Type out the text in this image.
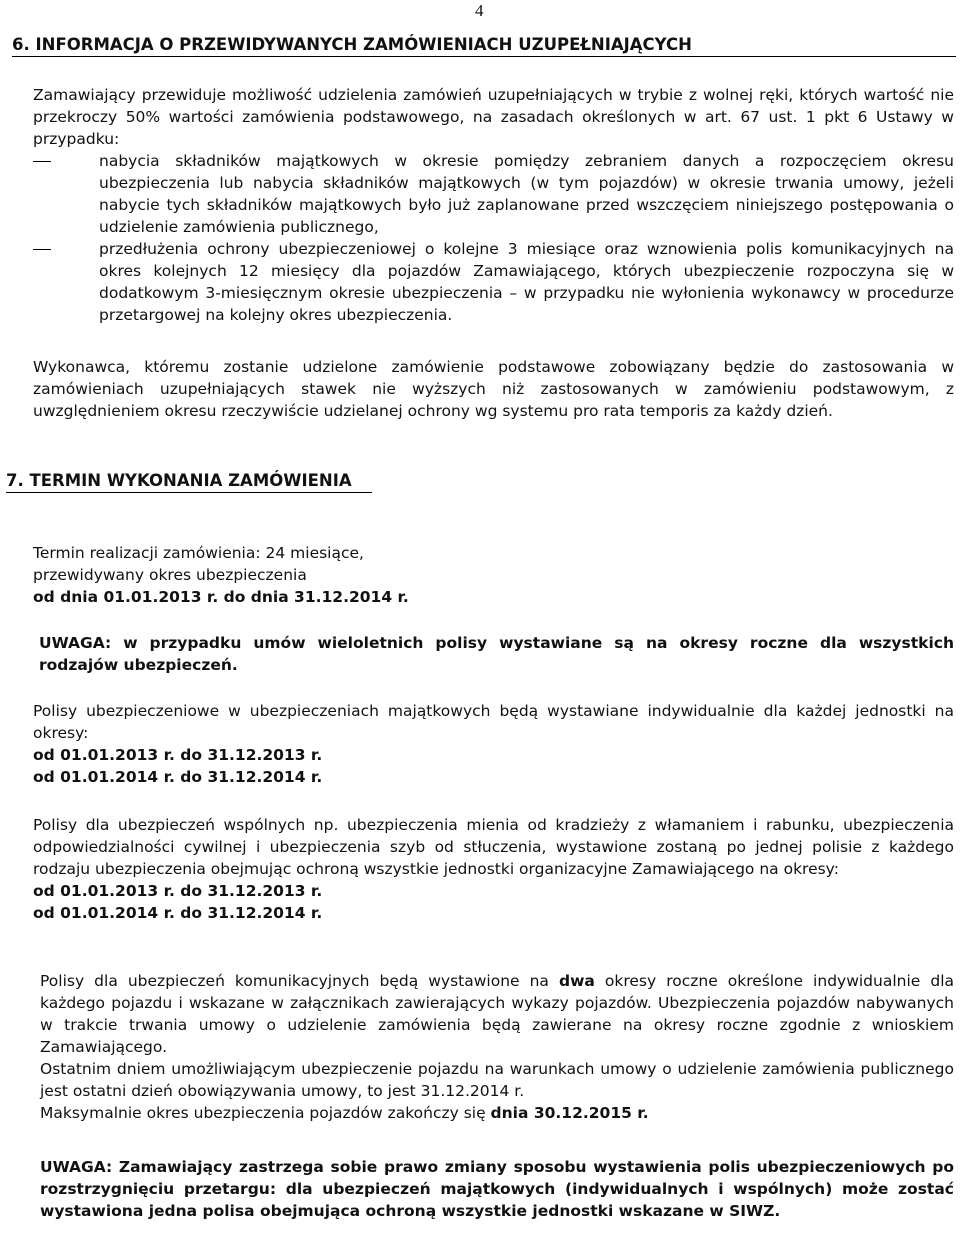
4
6. INFORMACJA O PRZEWIDYWANYCH ZAMÓWIENIACH UZUPEŁNIAJĄCYCH
Zamawiający przewiduje możliwość udzielenia zamówień uzupełniających w trybie z wolnej ręki, których wartość nie przekroczy 50% wartości zamówienia podstawowego, na zasadach określonych w art. 67 ust. 1 pkt 6 Ustawy w przypadku:
nabycia składników majątkowych w okresie pomiędzy zebraniem danych a rozpoczęciem okresu ubezpieczenia lub nabycia składników majątkowych (w tym pojazdów) w okresie trwania umowy, jeżeli nabycie tych składników majątkowych było już zaplanowane przed wszczęciem niniejszego postępowania o udzielenie zamówienia publicznego,
przedłużenia ochrony ubezpieczeniowej o kolejne 3 miesiące oraz wznowienia polis komunikacyjnych na okres kolejnych 12 miesięcy dla pojazdów Zamawiającego, których ubezpieczenie rozpoczyna się w dodatkowym 3-miesięcznym okresie ubezpieczenia – w przypadku nie wyłonienia wykonawcy w procedurze przetargowej na kolejny okres ubezpieczenia.
Wykonawca, któremu zostanie udzielone zamówienie podstawowe zobowiązany będzie do zastosowania w zamówieniach uzupełniających stawek nie wyższych niż zastosowanych w zamówieniu podstawowym, z uwzględnieniem okresu rzeczywiście udzielanej ochrony wg systemu pro rata temporis za każdy dzień.
7. TERMIN WYKONANIA ZAMÓWIENIA
Termin realizacji zamówienia: 24 miesiące,
przewidywany okres ubezpieczenia
od dnia 01.01.2013 r. do dnia 31.12.2014 r.
UWAGA: w przypadku umów wieloletnich polisy wystawiane są na okresy roczne dla wszystkich rodzajów ubezpieczeń.
Polisy ubezpieczeniowe w ubezpieczeniach majątkowych będą wystawiane indywidualnie dla każdej jednostki na okresy:
od 01.01.2013 r. do 31.12.2013 r.
od 01.01.2014 r. do 31.12.2014 r.
Polisy dla ubezpieczeń wspólnych np. ubezpieczenia mienia od kradzieży z włamaniem i rabunku, ubezpieczenia odpowiedzialności cywilnej i ubezpieczenia szyb od stłuczenia, wystawione zostaną po jednej polisie z każdego rodzaju ubezpieczenia obejmując ochroną wszystkie jednostki organizacyjne Zamawiającego na okresy:
od 01.01.2013 r. do 31.12.2013 r.
od 01.01.2014 r. do 31.12.2014 r.
Polisy dla ubezpieczeń komunikacyjnych będą wystawione na dwa okresy roczne określone indywidualnie dla każdego pojazdu i wskazane w załącznikach zawierających wykazy pojazdów. Ubezpieczenia pojazdów nabywanych w trakcie trwania umowy o udzielenie zamówienia będą zawierane na okresy roczne zgodnie z wnioskiem Zamawiającego.
Ostatnim dniem umożliwiającym ubezpieczenie pojazdu na warunkach umowy o udzielenie zamówienia publicznego jest ostatni dzień obowiązywania umowy, to jest 31.12.2014 r.
Maksymalnie okres ubezpieczenia pojazdów zakończy się dnia 30.12.2015 r.
UWAGA: Zamawiający zastrzega sobie prawo zmiany sposobu wystawienia polis ubezpieczeniowych po rozstrzygnięciu przetargu: dla ubezpieczeń majątkowych (indywidualnych i wspólnych) może zostać wystawiona jedna polisa obejmująca ochroną wszystkie jednostki wskazane w SIWZ.
